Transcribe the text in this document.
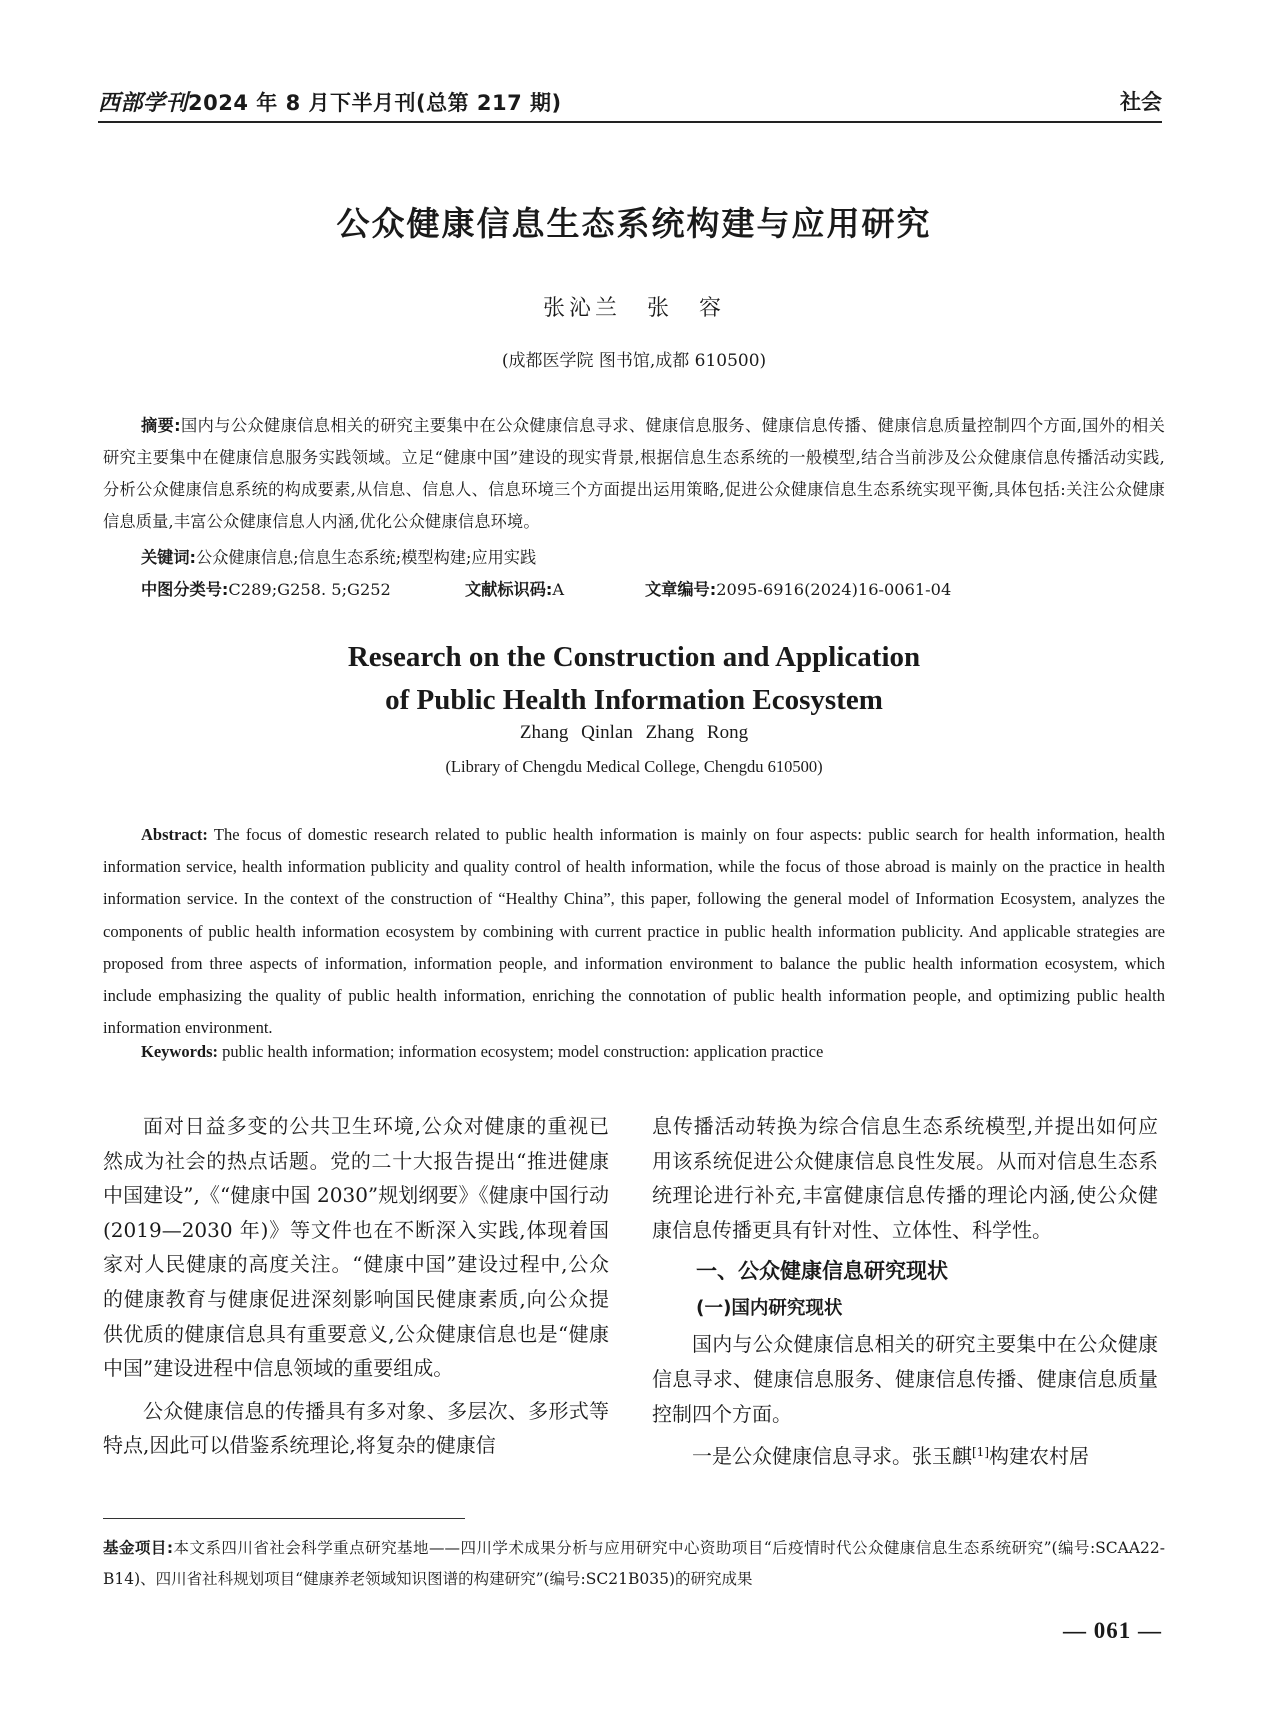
西部学刊2024 年 8 月下半月刊(总第 217 期)	社会
公众健康信息生态系统构建与应用研究
张沁兰　张　容
(成都医学院 图书馆,成都 610500)

摘要:国内与公众健康信息相关的研究主要集中在公众健康信息寻求、健康信息服务、健康信息传播、健康信息质量控制四个方面,国外的相关研究主要集中在健康信息服务实践领域。立足“健康中国”建设的现实背景,根据信息生态系统的一般模型,结合当前涉及公众健康信息传播活动实践,分析公众健康信息系统的构成要素,从信息、信息人、信息环境三个方面提出运用策略,促进公众健康信息生态系统实现平衡,具体包括:关注公众健康信息质量,丰富公众健康信息人内涵,优化公众健康信息环境。

关键词:公众健康信息;信息生态系统;模型构建;应用实践
中图分类号:C289;G258. 5;G252	文献标识码:A	文章编号:2095-6916(2024)16-0061-04
Research on the Construction and Application
of Public Health Information Ecosystem
Zhang Qinlan Zhang Rong
(Library of Chengdu Medical College, Chengdu 610500)

Abstract: The focus of domestic research related to public health information is mainly on four aspects: public search for health information, health information service, health information publicity and quality control of health information, while the focus of those abroad is mainly on the practice in health information service. In the context of the construction of “Healthy China”, this paper, following the general model of Information Ecosystem, analyzes the components of public health information ecosystem by combining with current practice in public health information publicity. And applicable strategies are proposed from three aspects of information, information people, and information environment to balance the public health information ecosystem, which include emphasizing the quality of public health information, enriching the connotation of public health information people, and optimizing public health information environment.

Keywords: public health information; information ecosystem; model construction: application practice

面对日益多变的公共卫生环境,公众对健康的重视已然成为社会的热点话题。党的二十大报告提出“推进健康中国建设”,《“健康中国 2030”规划纲要》《健康中国行动(2019—2030 年)》等文件也在不断深入实践,体现着国家对人民健康的高度关注。“健康中国”建设过程中,公众的健康教育与健康促进深刻影响国民健康素质,向公众提供优质的健康信息具有重要意义,公众健康信息也是“健康中国”建设进程中信息领域的重要组成。

公众健康信息的传播具有多对象、多层次、多形式等特点,因此可以借鉴系统理论,将复杂的健康信

息传播活动转换为综合信息生态系统模型,并提出如何应用该系统促进公众健康信息良性发展。从而对信息生态系统理论进行补充,丰富健康信息传播的理论内涵,使公众健康信息传播更具有针对性、立体性、科学性。

一、公众健康信息研究现状
(一)国内研究现状

国内与公众健康信息相关的研究主要集中在公众健康信息寻求、健康信息服务、健康信息传播、健康信息质量控制四个方面。

一是公众健康信息寻求。张玉麒[1]构建农村居

基金项目:本文系四川省社会科学重点研究基地——四川学术成果分析与应用研究中心资助项目“后疫情时代公众健康信息生态系统研究”(编号:SCAA22-B14)、四川省社科规划项目“健康养老领域知识图谱的构建研究”(编号:SC21B035)的研究成果
— 061 —
